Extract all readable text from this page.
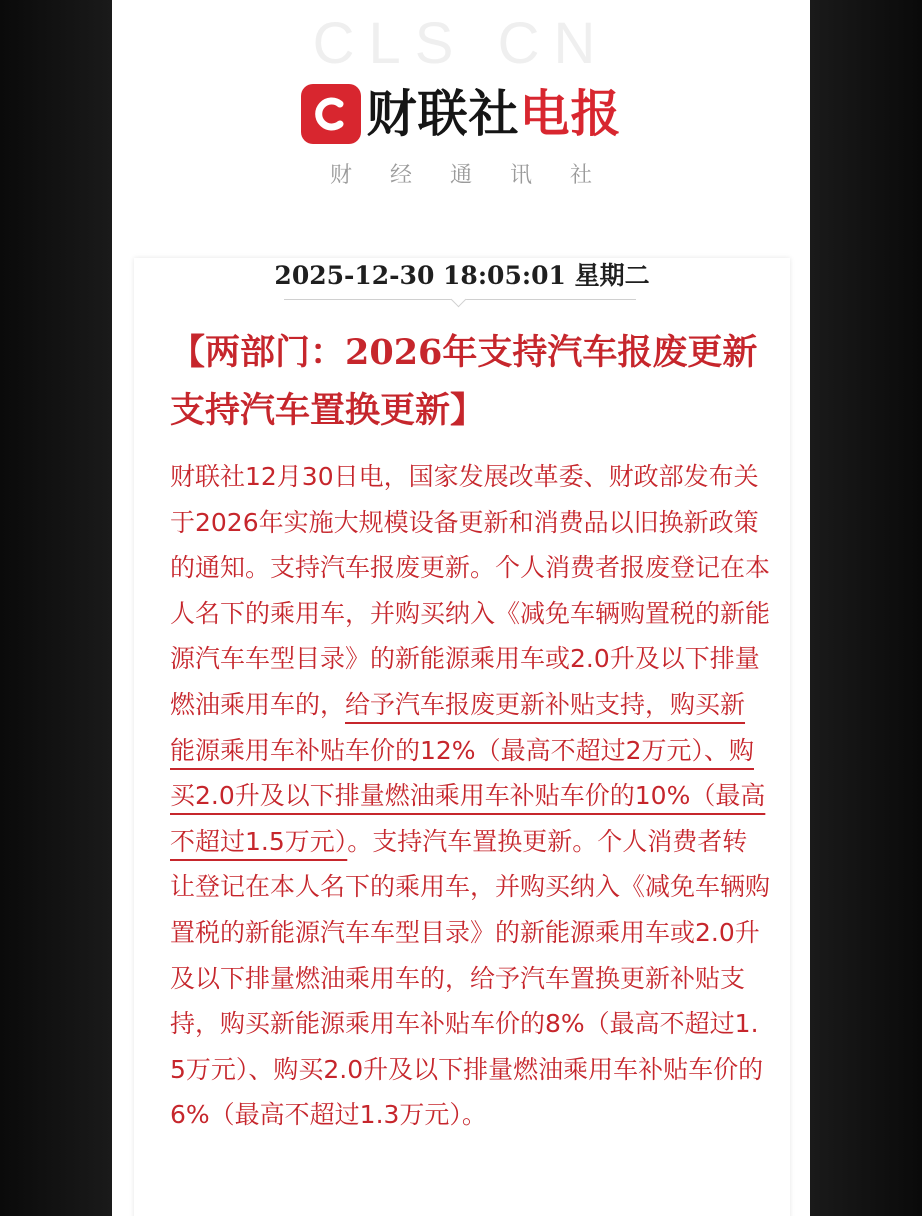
CLS CN
财联社电报
财经通讯社
2025-12-30 18:05:01 星期二
【两部门：2026年支持汽车报废更新 支持汽车置换更新】
财联社12月30日电，国家发展改革委、财政部发布关于2026年实施大规模设备更新和消费品以旧换新政策的通知。支持汽车报废更新。个人消费者报废登记在本人名下的乘用车，并购买纳入《减免车辆购置税的新能源汽车车型目录》的新能源乘用车或2.0升及以下排量燃油乘用车的，给予汽车报废更新补贴支持，购买新能源乘用车补贴车价的12%（最高不超过2万元）、购买2.0升及以下排量燃油乘用车补贴车价的10%（最高不超过1.5万元）。支持汽车置换更新。个人消费者转让登记在本人名下的乘用车，并购买纳入《减免车辆购置税的新能源汽车车型目录》的新能源乘用车或2.0升及以下排量燃油乘用车的，给予汽车置换更新补贴支持，购买新能源乘用车补贴车价的8%（最高不超过1.5万元）、购买2.0升及以下排量燃油乘用车补贴车价的6%（最高不超过1.3万元）。
